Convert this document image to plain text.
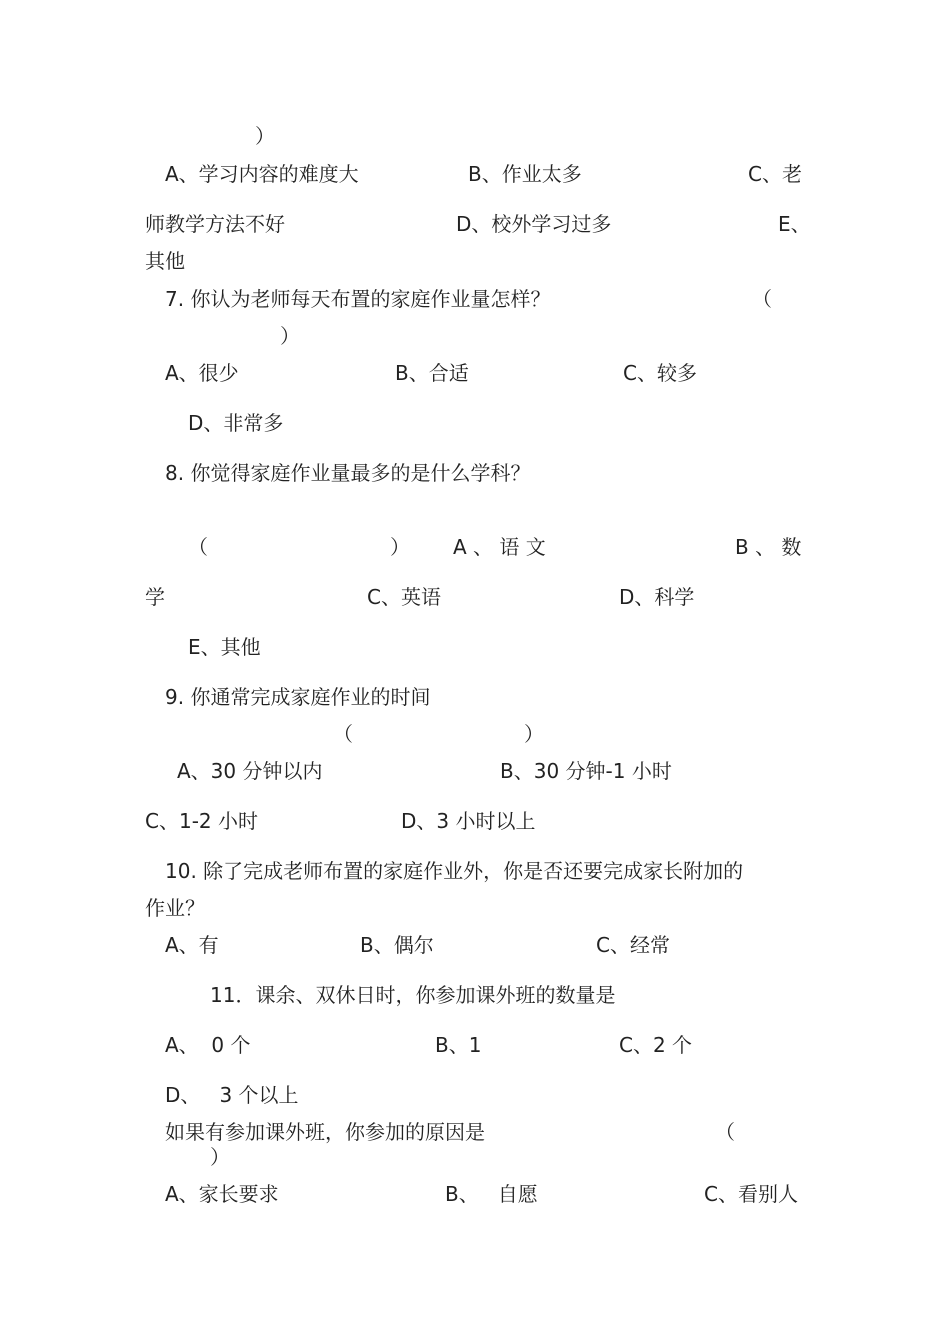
）
A、学习内容的难度大	B、作业太多	C、老
师教学方法不好	D、校外学习过多	E、
其他
7. 你认为老师每天布置的家庭作业量怎样？	（
）
A、很少	B、合适	C、较多
D、非常多
8. 你觉得家庭作业量最多的是什么学科？
（	） A 、 语 文	B 、 数
学	C、英语	D、科学
E、其他
9. 你通常完成家庭作业的时间
（	）
A、30 分钟以内	B、30 分钟-1 小时
C、1-2 小时	D、3 小时以上
10. 除了完成老师布置的家庭作业外，你是否还要完成家长附加的
作业？
A、有	B、偶尔	C、经常
11．课余、双休日时，你参加课外班的数量是
A、  0 个	B、1	C、2 个
D、   3 个以上
如果有参加课外班，你参加的原因是	（
）
A、家长要求	B、   自愿	C、看别人
